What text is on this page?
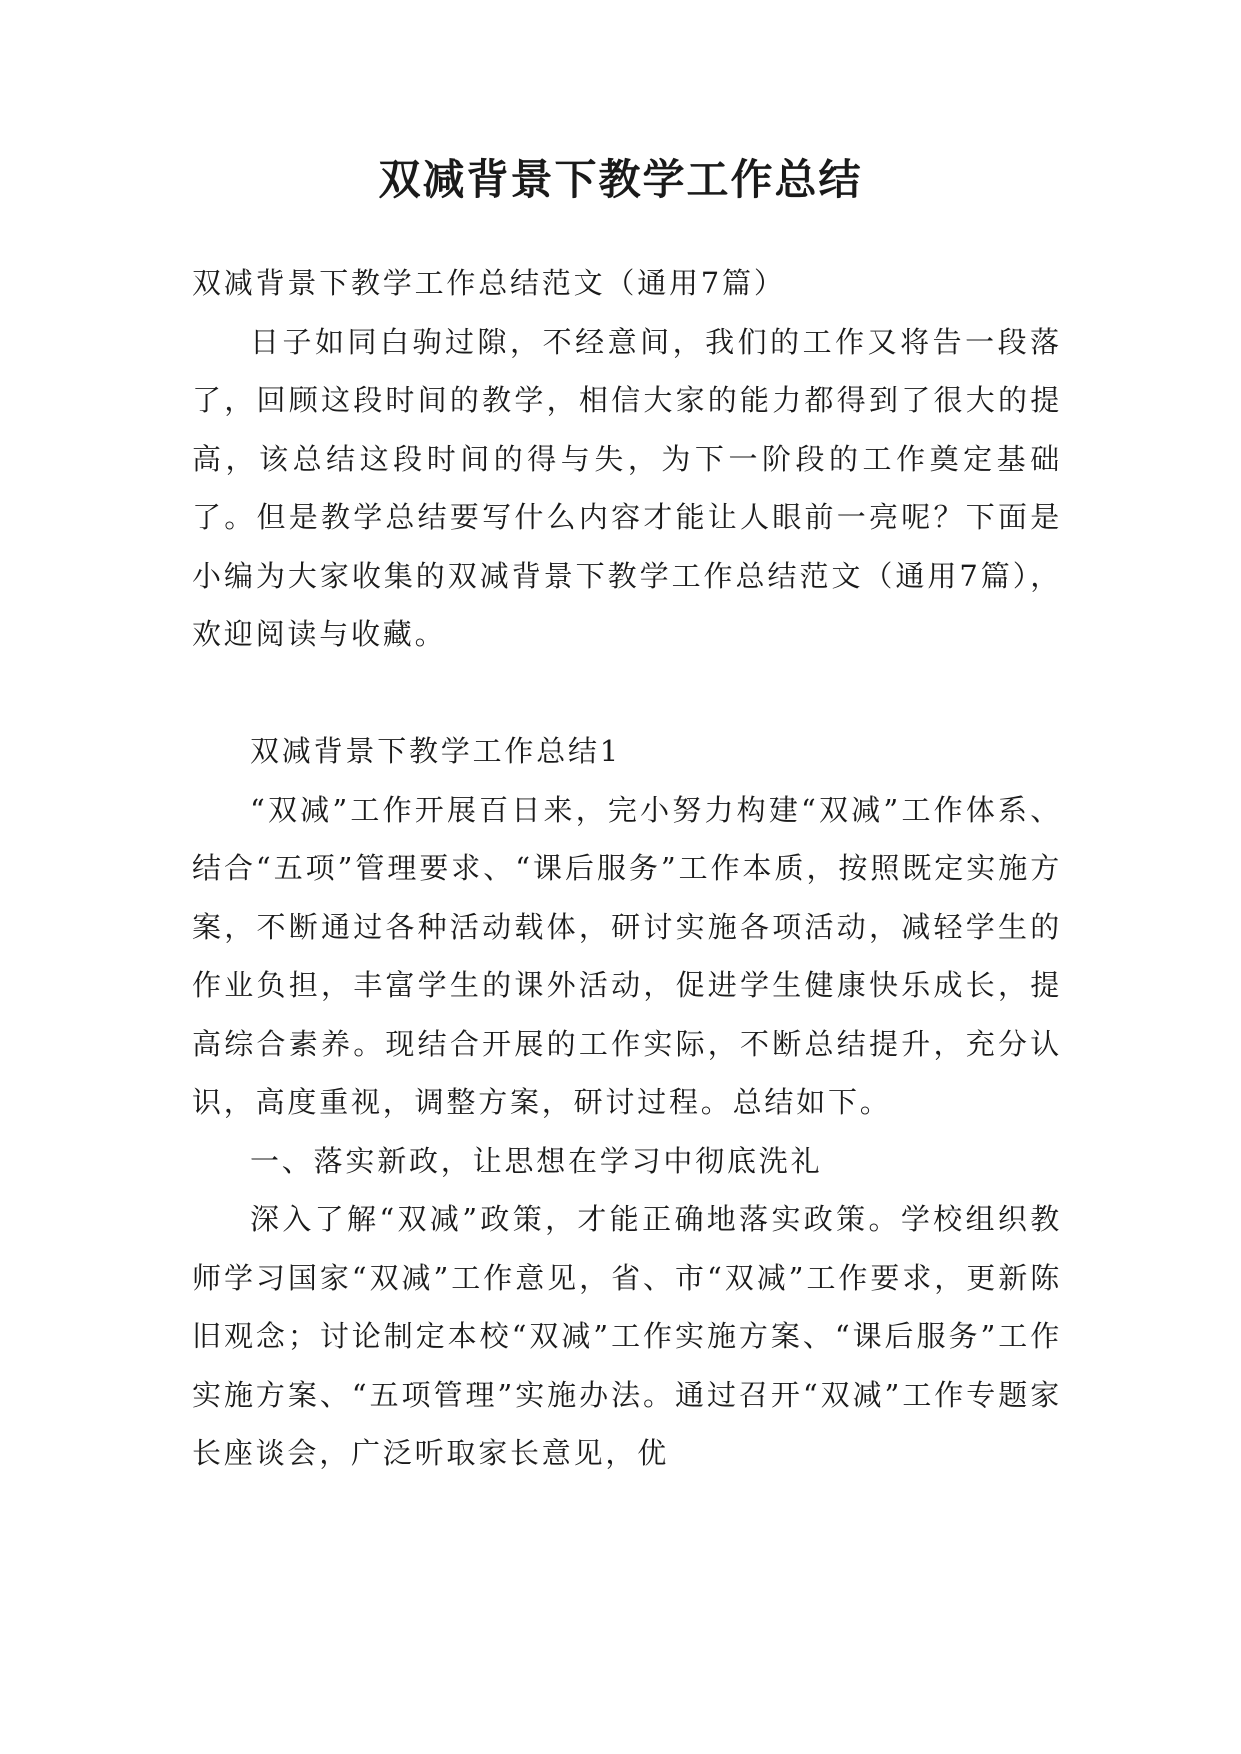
双减背景下教学工作总结

双减背景下教学工作总结范文（通用7篇）

日子如同白驹过隙，不经意间，我们的工作又将告一段落了，回顾这段时间的教学，相信大家的能力都得到了很大的提高，该总结这段时间的得与失，为下一阶段的工作奠定基础了。但是教学总结要写什么内容才能让人眼前一亮呢？下面是小编为大家收集的双减背景下教学工作总结范文（通用7篇），欢迎阅读与收藏。

双减背景下教学工作总结1

“双减”工作开展百日来，完小努力构建“双减”工作体系、结合“五项”管理要求、“课后服务”工作本质，按照既定实施方案，不断通过各种活动载体，研讨实施各项活动，减轻学生的作业负担，丰富学生的课外活动，促进学生健康快乐成长，提高综合素养。现结合开展的工作实际，不断总结提升，充分认识，高度重视，调整方案，研讨过程。总结如下。

一、落实新政，让思想在学习中彻底洗礼

深入了解“双减”政策，才能正确地落实政策。学校组织教师学习国家“双减”工作意见，省、市“双减”工作要求，更新陈旧观念；讨论制定本校“双减”工作实施方案、“课后服务”工作实施方案、“五项管理”实施办法。通过召开“双减”工作专题家长座谈会，广泛听取家长意见，优
